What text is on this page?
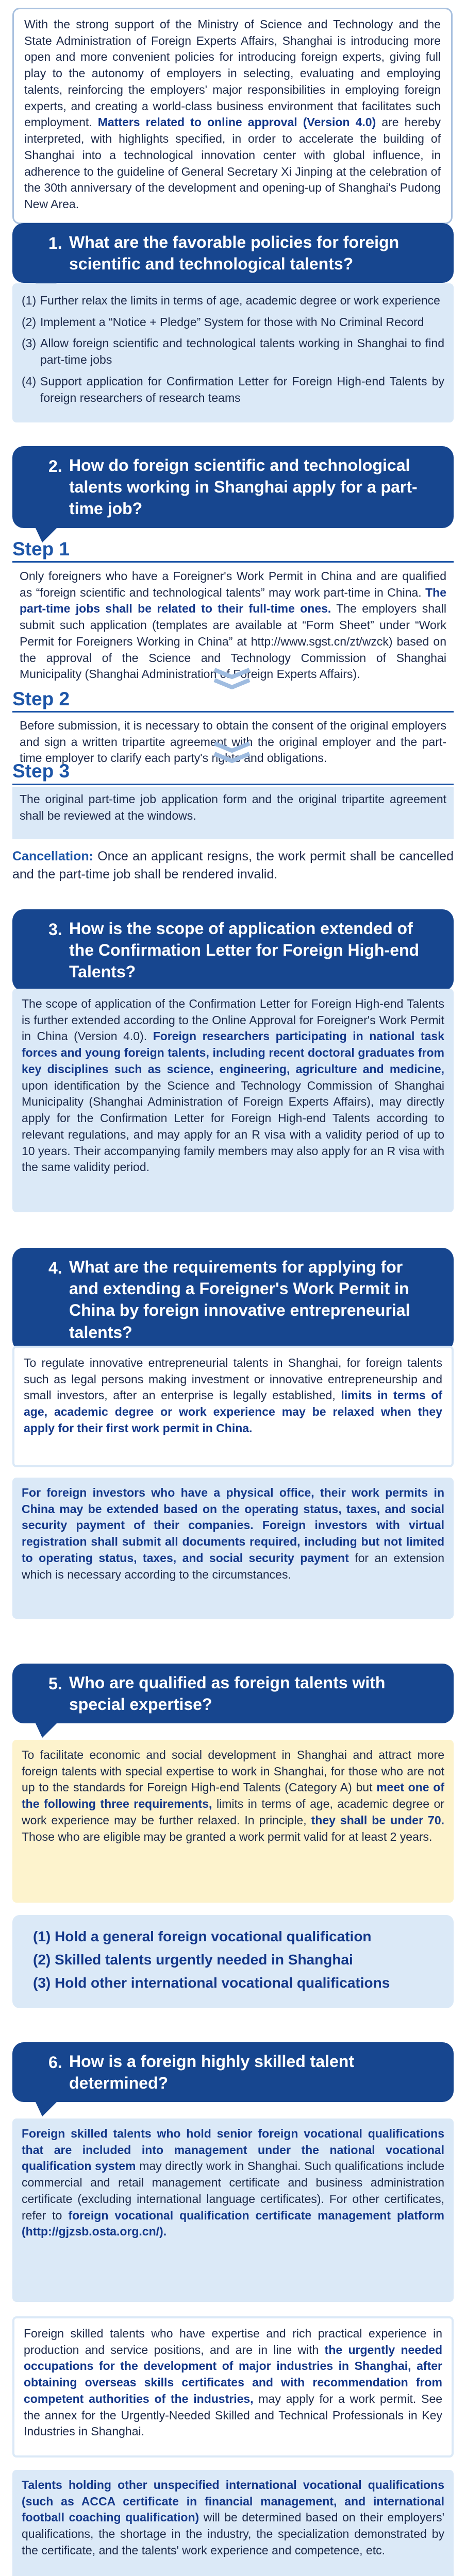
With the strong support of the Ministry of Science and Technology and the State Administration of Foreign Experts Affairs, Shanghai is introducing more open and more convenient policies for introducing foreign experts, giving full play to the autonomy of employers in selecting, evaluating and employing talents, reinforcing the employers' major responsibilities in employing foreign experts, and creating a world-class business environment that facilitates such employment. Matters related to online approval (Version 4.0) are hereby interpreted, with highlights specified, in order to accelerate the building of Shanghai into a technological innovation center with global influence, in adherence to the guideline of General Secretary Xi Jinping at the celebration of the 30th anniversary of the development and opening-up of Shanghai's Pudong New Area.
1. What are the favorable policies for foreign scientific and technological talents?
(1) Further relax the limits in terms of age, academic degree or work experience
(2) Implement a “Notice + Pledge” System for those with No Criminal Record
(3) Allow foreign scientific and technological talents working in Shanghai to find part-time jobs
(4) Support application for Confirmation Letter for Foreign High-end Talents by foreign researchers of research teams
2. How do foreign scientific and technological talents working in Shanghai apply for a part-time job?
Step 1
Only foreigners who have a Foreigner's Work Permit in China and are qualified as “foreign scientific and technological talents” may work part-time in China. The part-time jobs shall be related to their full-time ones. The employers shall submit such application (templates are available at “Form Sheet” under “Work Permit for Foreigners Working in China” at http://www.sgst.cn/zt/wzck) based on the approval of the Science and Technology Commission of Shanghai Municipality (Shanghai Administration of Foreign Experts Affairs).
Step 2
Before submission, it is necessary to obtain the consent of the original employers and sign a written tripartite agreement with the original employer and the part-time employer to clarify each party's rights and obligations.
Step 3
The original part-time job application form and the original tripartite agreement shall be reviewed at the windows.
Cancellation: Once an applicant resigns, the work permit shall be cancelled and the part-time job shall be rendered invalid.
3. How is the scope of application extended of the Confirmation Letter for Foreign High-end Talents?
The scope of application of the Confirmation Letter for Foreign High-end Talents is further extended according to the Online Approval for Foreigner's Work Permit in China (Version 4.0). Foreign researchers participating in national task forces and young foreign talents, including recent doctoral graduates from key disciplines such as science, engineering, agriculture and medicine, upon identification by the Science and Technology Commission of Shanghai Municipality (Shanghai Administration of Foreign Experts Affairs), may directly apply for the Confirmation Letter for Foreign High-end Talents according to relevant regulations, and may apply for an R visa with a validity period of up to 10 years. Their accompanying family members may also apply for an R visa with the same validity period.
4. What are the requirements for applying for and extending a Foreigner's Work Permit in China by foreign innovative entrepreneurial talents?
To regulate innovative entrepreneurial talents in Shanghai, for foreign talents such as legal persons making investment or innovative entrepreneurship and small investors, after an enterprise is legally established, limits in terms of age, academic degree or work experience may be relaxed when they apply for their first work permit in China.
For foreign investors who have a physical office, their work permits in China may be extended based on the operating status, taxes, and social security payment of their companies. Foreign investors with virtual registration shall submit all documents required, including but not limited to operating status, taxes, and social security payment for an extension which is necessary according to the circumstances.
5. Who are qualified as foreign talents with special expertise?
To facilitate economic and social development in Shanghai and attract more foreign talents with special expertise to work in Shanghai, for those who are not up to the standards for Foreign High-end Talents (Category A) but meet one of the following three requirements, limits in terms of age, academic degree or work experience may be further relaxed. In principle, they shall be under 70. Those who are eligible may be granted a work permit valid for at least 2 years.
(1) Hold a general foreign vocational qualification
(2) Skilled talents urgently needed in Shanghai
(3) Hold other international vocational qualifications
6. How is a foreign highly skilled talent determined?
Foreign skilled talents who hold senior foreign vocational qualifications that are included into management under the national vocational qualification system may directly work in Shanghai. Such qualifications include commercial and retail management certificate and business administration certificate (excluding international language certificates). For other certificates, refer to foreign vocational qualification certificate management platform (http://gjzsb.osta.org.cn/).
Foreign skilled talents who have expertise and rich practical experience in production and service positions, and are in line with the urgently needed occupations for the development of major industries in Shanghai, after obtaining overseas skills certificates and with recommendation from competent authorities of the industries, may apply for a work permit. See the annex for the Urgently-Needed Skilled and Technical Professionals in Key Industries in Shanghai.
Talents holding other unspecified international vocational qualifications (such as ACCA certificate in financial management, and international football coaching qualification) will be determined based on their employers' qualifications, the shortage in the industry, the specialization demonstrated by the certificate, and the talents' work experience and competence, etc.
